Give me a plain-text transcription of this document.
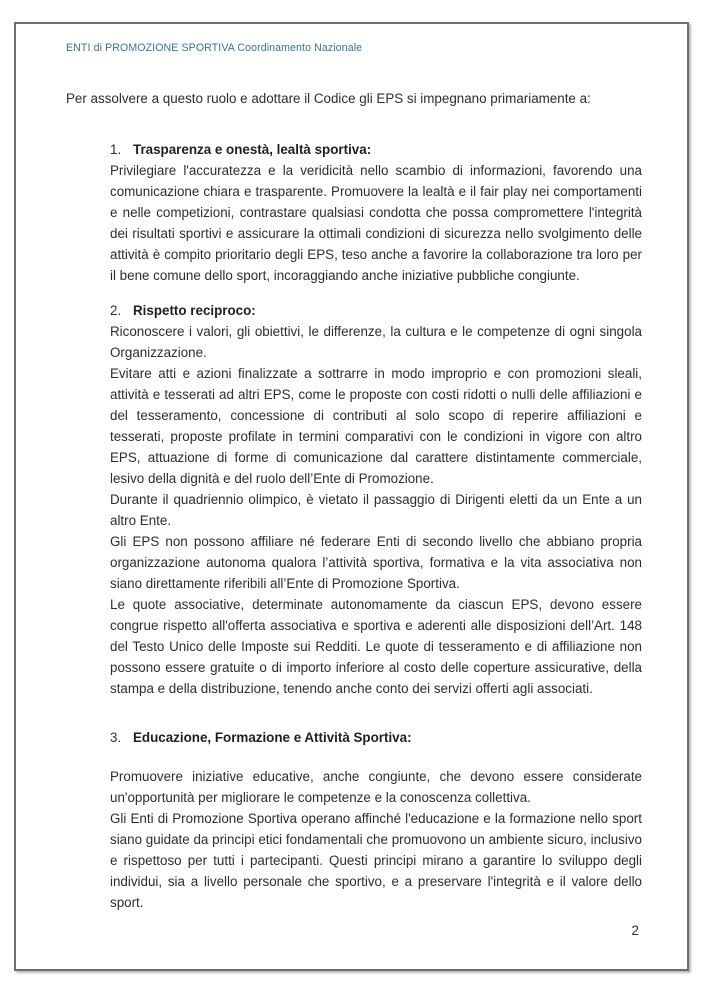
ENTI di PROMOZIONE SPORTIVA Coordinamento Nazionale

Per assolvere a questo ruolo e adottare il Codice gli EPS si impegnano primariamente a:

1. Trasparenza e onestà, lealtà sportiva:

Privilegiare l'accuratezza e la veridicità nello scambio di informazioni, favorendo una comunicazione chiara e trasparente. Promuovere la lealtà e il fair play nei comportamenti e nelle competizioni, contrastare qualsiasi condotta che possa compromettere l'integrità dei risultati sportivi e assicurare la ottimali condizioni di sicurezza nello svolgimento delle attività è compito prioritario degli EPS, teso anche a favorire la collaborazione tra loro per il bene comune dello sport, incoraggiando anche iniziative pubbliche congiunte.

2. Rispetto reciproco:

Riconoscere i valori, gli obiettivi, le differenze, la cultura e le competenze di ogni singola Organizzazione.

Evitare atti e azioni finalizzate a sottrarre in modo improprio e con promozioni sleali, attività e tesserati ad altri EPS, come le proposte con costi ridotti o nulli delle affiliazioni e del tesseramento, concessione di contributi al solo scopo di reperire affiliazioni e tesserati, proposte profilate in termini comparativi con le condizioni in vigore con altro EPS, attuazione di forme di comunicazione dal carattere distintamente commerciale, lesivo della dignità e del ruolo dell’Ente di Promozione.

Durante il quadriennio olimpico, è vietato il passaggio di Dirigenti eletti da un Ente a un altro Ente.

Gli EPS non possono affiliare né federare Enti di secondo livello che abbiano propria organizzazione autonoma qualora l’attività sportiva, formativa e la vita associativa non siano direttamente riferibili all’Ente di Promozione Sportiva.

Le quote associative, determinate autonomamente da ciascun EPS, devono essere congrue rispetto all'offerta associativa e sportiva e aderenti alle disposizioni dell’Art. 148 del Testo Unico delle Imposte sui Redditi. Le quote di tesseramento e di affiliazione non possono essere gratuite o di importo inferiore al costo delle coperture assicurative, della stampa e della distribuzione, tenendo anche conto dei servizi offerti agli associati.

3. Educazione, Formazione e Attività Sportiva:

Promuovere iniziative educative, anche congiunte, che devono essere considerate un'opportunità per migliorare le competenze e la conoscenza collettiva.

Gli Enti di Promozione Sportiva operano affinché l'educazione e la formazione nello sport siano guidate da principi etici fondamentali che promuovono un ambiente sicuro, inclusivo e rispettoso per tutti i partecipanti. Questi principi mirano a garantire lo sviluppo degli individui, sia a livello personale che sportivo, e a preservare l'integrità e il valore dello sport.

2
